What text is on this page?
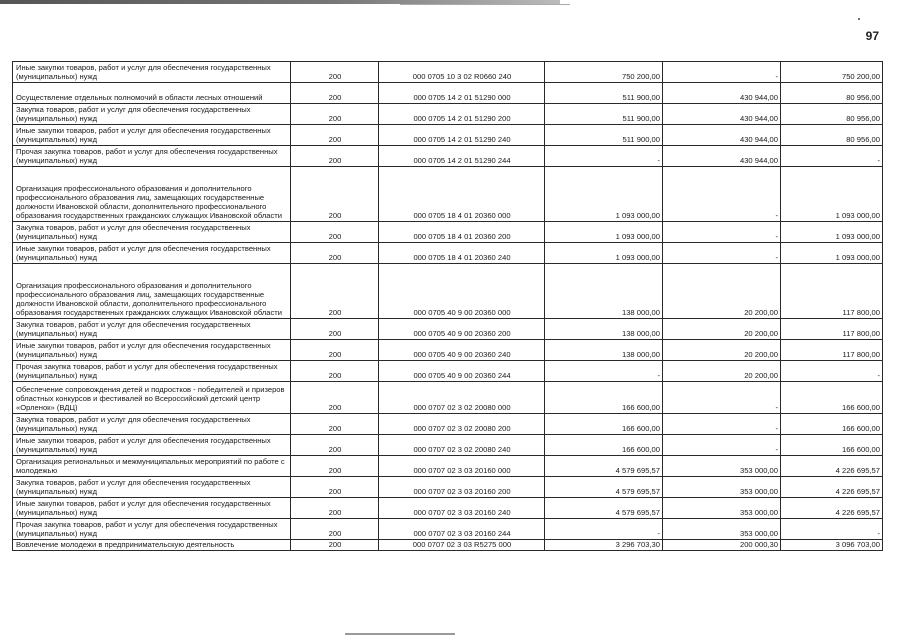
97
Иные закупки товаров, работ и услуг для обеспечения государственных (муниципальных) нужд	200	000 0705 10 3 02 R0660 240	750 200,00	-	750 200,00
Осуществление отдельных полномочий в области лесных отношений	200	000 0705 14 2 01 51290 000	511 900,00	430 944,00	80 956,00
Закупка товаров, работ и услуг для обеспечения государственных (муниципальных) нужд	200	000 0705 14 2 01 51290 200	511 900,00	430 944,00	80 956,00
Иные закупки товаров, работ и услуг для обеспечения государственных (муниципальных) нужд	200	000 0705 14 2 01 51290 240	511 900,00	430 944,00	80 956,00
Прочая закупка товаров, работ и услуг для обеспечения государственных (муниципальных) нужд	200	000 0705 14 2 01 51290 244	-	430 944,00	-
Организация профессионального образования и дополнительного профессионального образования лиц, замещающих государственные должности Ивановской области, дополнительного профессионального образования государственных гражданских служащих Ивановской области	200	000 0705 18 4 01 20360 000	1 093 000,00	-	1 093 000,00
Закупка товаров, работ и услуг для обеспечения государственных (муниципальных) нужд	200	000 0705 18 4 01 20360 200	1 093 000,00	-	1 093 000,00
Иные закупки товаров, работ и услуг для обеспечения государственных (муниципальных) нужд	200	000 0705 18 4 01 20360 240	1 093 000,00	-	1 093 000,00
Организация профессионального образования и дополнительного профессионального образования лиц, замещающих государственные должности Ивановской области, дополнительного профессионального образования государственных гражданских служащих Ивановской области	200	000 0705 40 9 00 20360 000	138 000,00	20 200,00	117 800,00
Закупка товаров, работ и услуг для обеспечения государственных (муниципальных) нужд	200	000 0705 40 9 00 20360 200	138 000,00	20 200,00	117 800,00
Иные закупки товаров, работ и услуг для обеспечения государственных (муниципальных) нужд	200	000 0705 40 9 00 20360 240	138 000,00	20 200,00	117 800,00
Прочая закупка товаров, работ и услуг для обеспечения государственных (муниципальных) нужд	200	000 0705 40 9 00 20360 244	-	20 200,00	-
Обеспечение сопровождения детей и подростков - победителей и призеров областных конкурсов и фестивалей во Всероссийский детский центр «Орленок» (ВДЦ)	200	000 0707 02 3 02 20080 000	166 600,00	-	166 600,00
Закупка товаров, работ и услуг для обеспечения государственных (муниципальных) нужд	200	000 0707 02 3 02 20080 200	166 600,00	-	166 600,00
Иные закупки товаров, работ и услуг для обеспечения государственных (муниципальных) нужд	200	000 0707 02 3 02 20080 240	166 600,00	-	166 600,00
Организация региональных и межмуниципальных мероприятий по работе с молодежью	200	000 0707 02 3 03 20160 000	4 579 695,57	353 000,00	4 226 695,57
Закупка товаров, работ и услуг для обеспечения государственных (муниципальных) нужд	200	000 0707 02 3 03 20160 200	4 579 695,57	353 000,00	4 226 695,57
Иные закупки товаров, работ и услуг для обеспечения государственных (муниципальных) нужд	200	000 0707 02 3 03 20160 240	4 579 695,57	353 000,00	4 226 695,57
Прочая закупка товаров, работ и услуг для обеспечения государственных (муниципальных) нужд	200	000 0707 02 3 03 20160 244	-	353 000,00	-
Вовлечение молодежи в предпринимательскую деятельность	200	000 0707 02 3 03 R5275 000	3 296 703,30	200 000,30	3 096 703,00
